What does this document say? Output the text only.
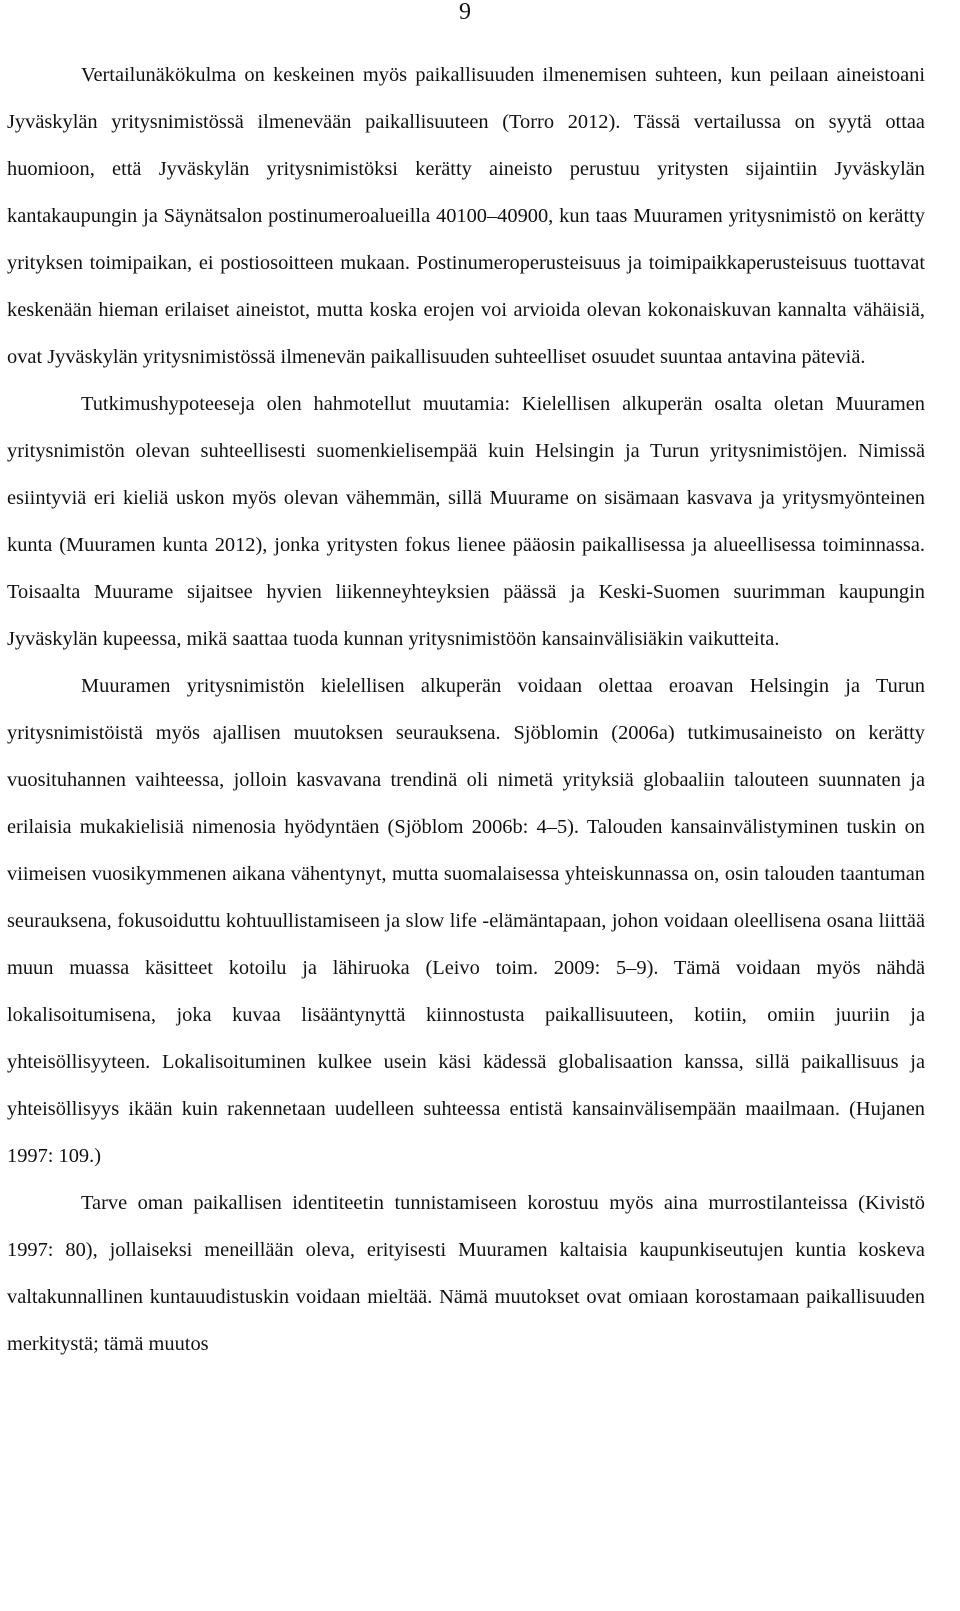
9

Vertailunäkökulma on keskeinen myös paikallisuuden ilmenemisen suhteen, kun peilaan aineistoani Jyväskylän yritysnimistössä ilmenevään paikallisuuteen (Torro 2012). Tässä vertailussa on syytä ottaa huomioon, että Jyväskylän yritysnimistöksi kerätty aineisto perustuu yritysten sijaintiin Jyväskylän kantakaupungin ja Säynätsalon postinumeroalueilla 40100–40900, kun taas Muuramen yritysnimistö on kerätty yrityksen toimipaikan, ei postiosoitteen mukaan. Postinumeroperusteisuus ja toimipaikkaperusteisuus tuottavat keskenään hieman erilaiset aineistot, mutta koska erojen voi arvioida olevan kokonaiskuvan kannalta vähäisiä, ovat Jyväskylän yritysnimistössä ilmenevän paikallisuuden suhteelliset osuudet suuntaa antavina päteviä.

Tutkimushypoteeseja olen hahmotellut muutamia: Kielellisen alkuperän osalta oletan Muuramen yritysnimistön olevan suhteellisesti suomenkielisempää kuin Helsingin ja Turun yritysnimistöjen. Nimissä esiintyviä eri kieliä uskon myös olevan vähemmän, sillä Muurame on sisämaan kasvava ja yritysmyönteinen kunta (Muuramen kunta 2012), jonka yritysten fokus lienee pääosin paikallisessa ja alueellisessa toiminnassa. Toisaalta Muurame sijaitsee hyvien liikenneyhteyksien päässä ja Keski-Suomen suurimman kaupungin Jyväskylän kupeessa, mikä saattaa tuoda kunnan yritysnimistöön kansainvälisiäkin vaikutteita.

Muuramen yritysnimistön kielellisen alkuperän voidaan olettaa eroavan Helsingin ja Turun yritysnimistöistä myös ajallisen muutoksen seurauksena. Sjöblomin (2006a) tutkimusaineisto on kerätty vuosituhannen vaihteessa, jolloin kasvavana trendinä oli nimetä yrityksiä globaaliin talouteen suunnaten ja erilaisia mukakielisiä nimenosia hyödyntäen (Sjöblom 2006b: 4–5). Talouden kansainvälistyminen tuskin on viimeisen vuosikymmenen aikana vähentynyt, mutta suomalaisessa yhteiskunnassa on, osin talouden taantuman seurauksena, fokusoiduttu kohtuullistamiseen ja slow life -elämäntapaan, johon voidaan oleellisena osana liittää muun muassa käsitteet kotoilu ja lähiruoka (Leivo toim. 2009: 5–9). Tämä voidaan myös nähdä lokalisoitumisena, joka kuvaa lisääntynyttä kiinnostusta paikallisuuteen, kotiin, omiin juuriin ja yhteisöllisyyteen. Lokalisoituminen kulkee usein käsi kädessä globalisaation kanssa, sillä paikallisuus ja yhteisöllisyys ikään kuin rakennetaan uudelleen suhteessa entistä kansainvälisempään maailmaan. (Hujanen 1997: 109.)

Tarve oman paikallisen identiteetin tunnistamiseen korostuu myös aina murrostilanteissa (Kivistö 1997: 80), jollaiseksi meneillään oleva, erityisesti Muuramen kaltaisia kaupunkiseutujen kuntia koskeva valtakunnallinen kuntauudistuskin voidaan mieltää. Nämä muutokset ovat omiaan korostamaan paikallisuuden merkitystä; tämä muutos
